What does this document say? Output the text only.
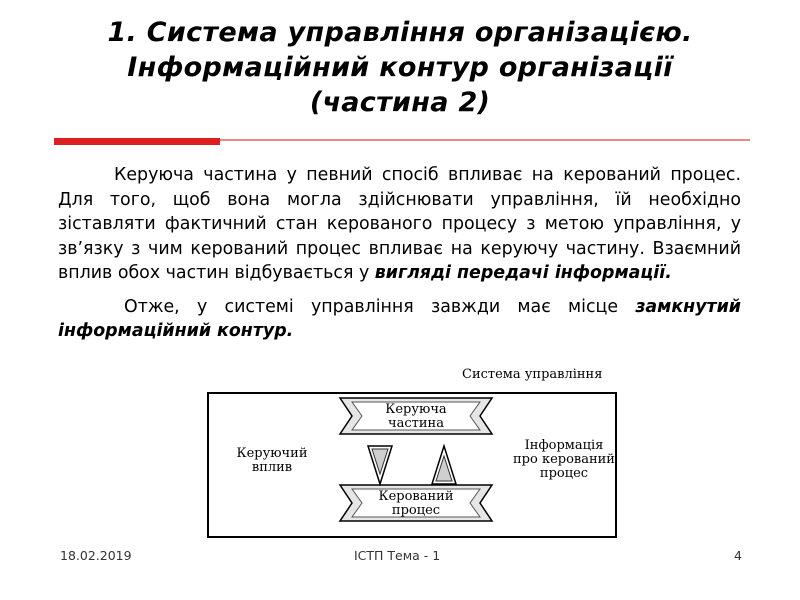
1. Система управління організацією.
Інформаційний контур організації
(частина 2)

Керуюча частина у певний спосіб впливає на керований процес. Для того, щоб вона могла здійснювати управління, їй необхідно зіставляти фактичний стан керованого процесу з метою управління, у зв’язку з чим керований процес впливає на керуючу частину. Взаємний вплив обох частин відбувається у вигляді передачі інформації.

Отже, у системі управління завжди має місце замкнутий інформаційний контур.

Система управління
Керуюча
частина
Керований
процес
Керуючий
вплив
Інформація
про керований
процес
18.02.2019	ІСТП Тема - 1	4
